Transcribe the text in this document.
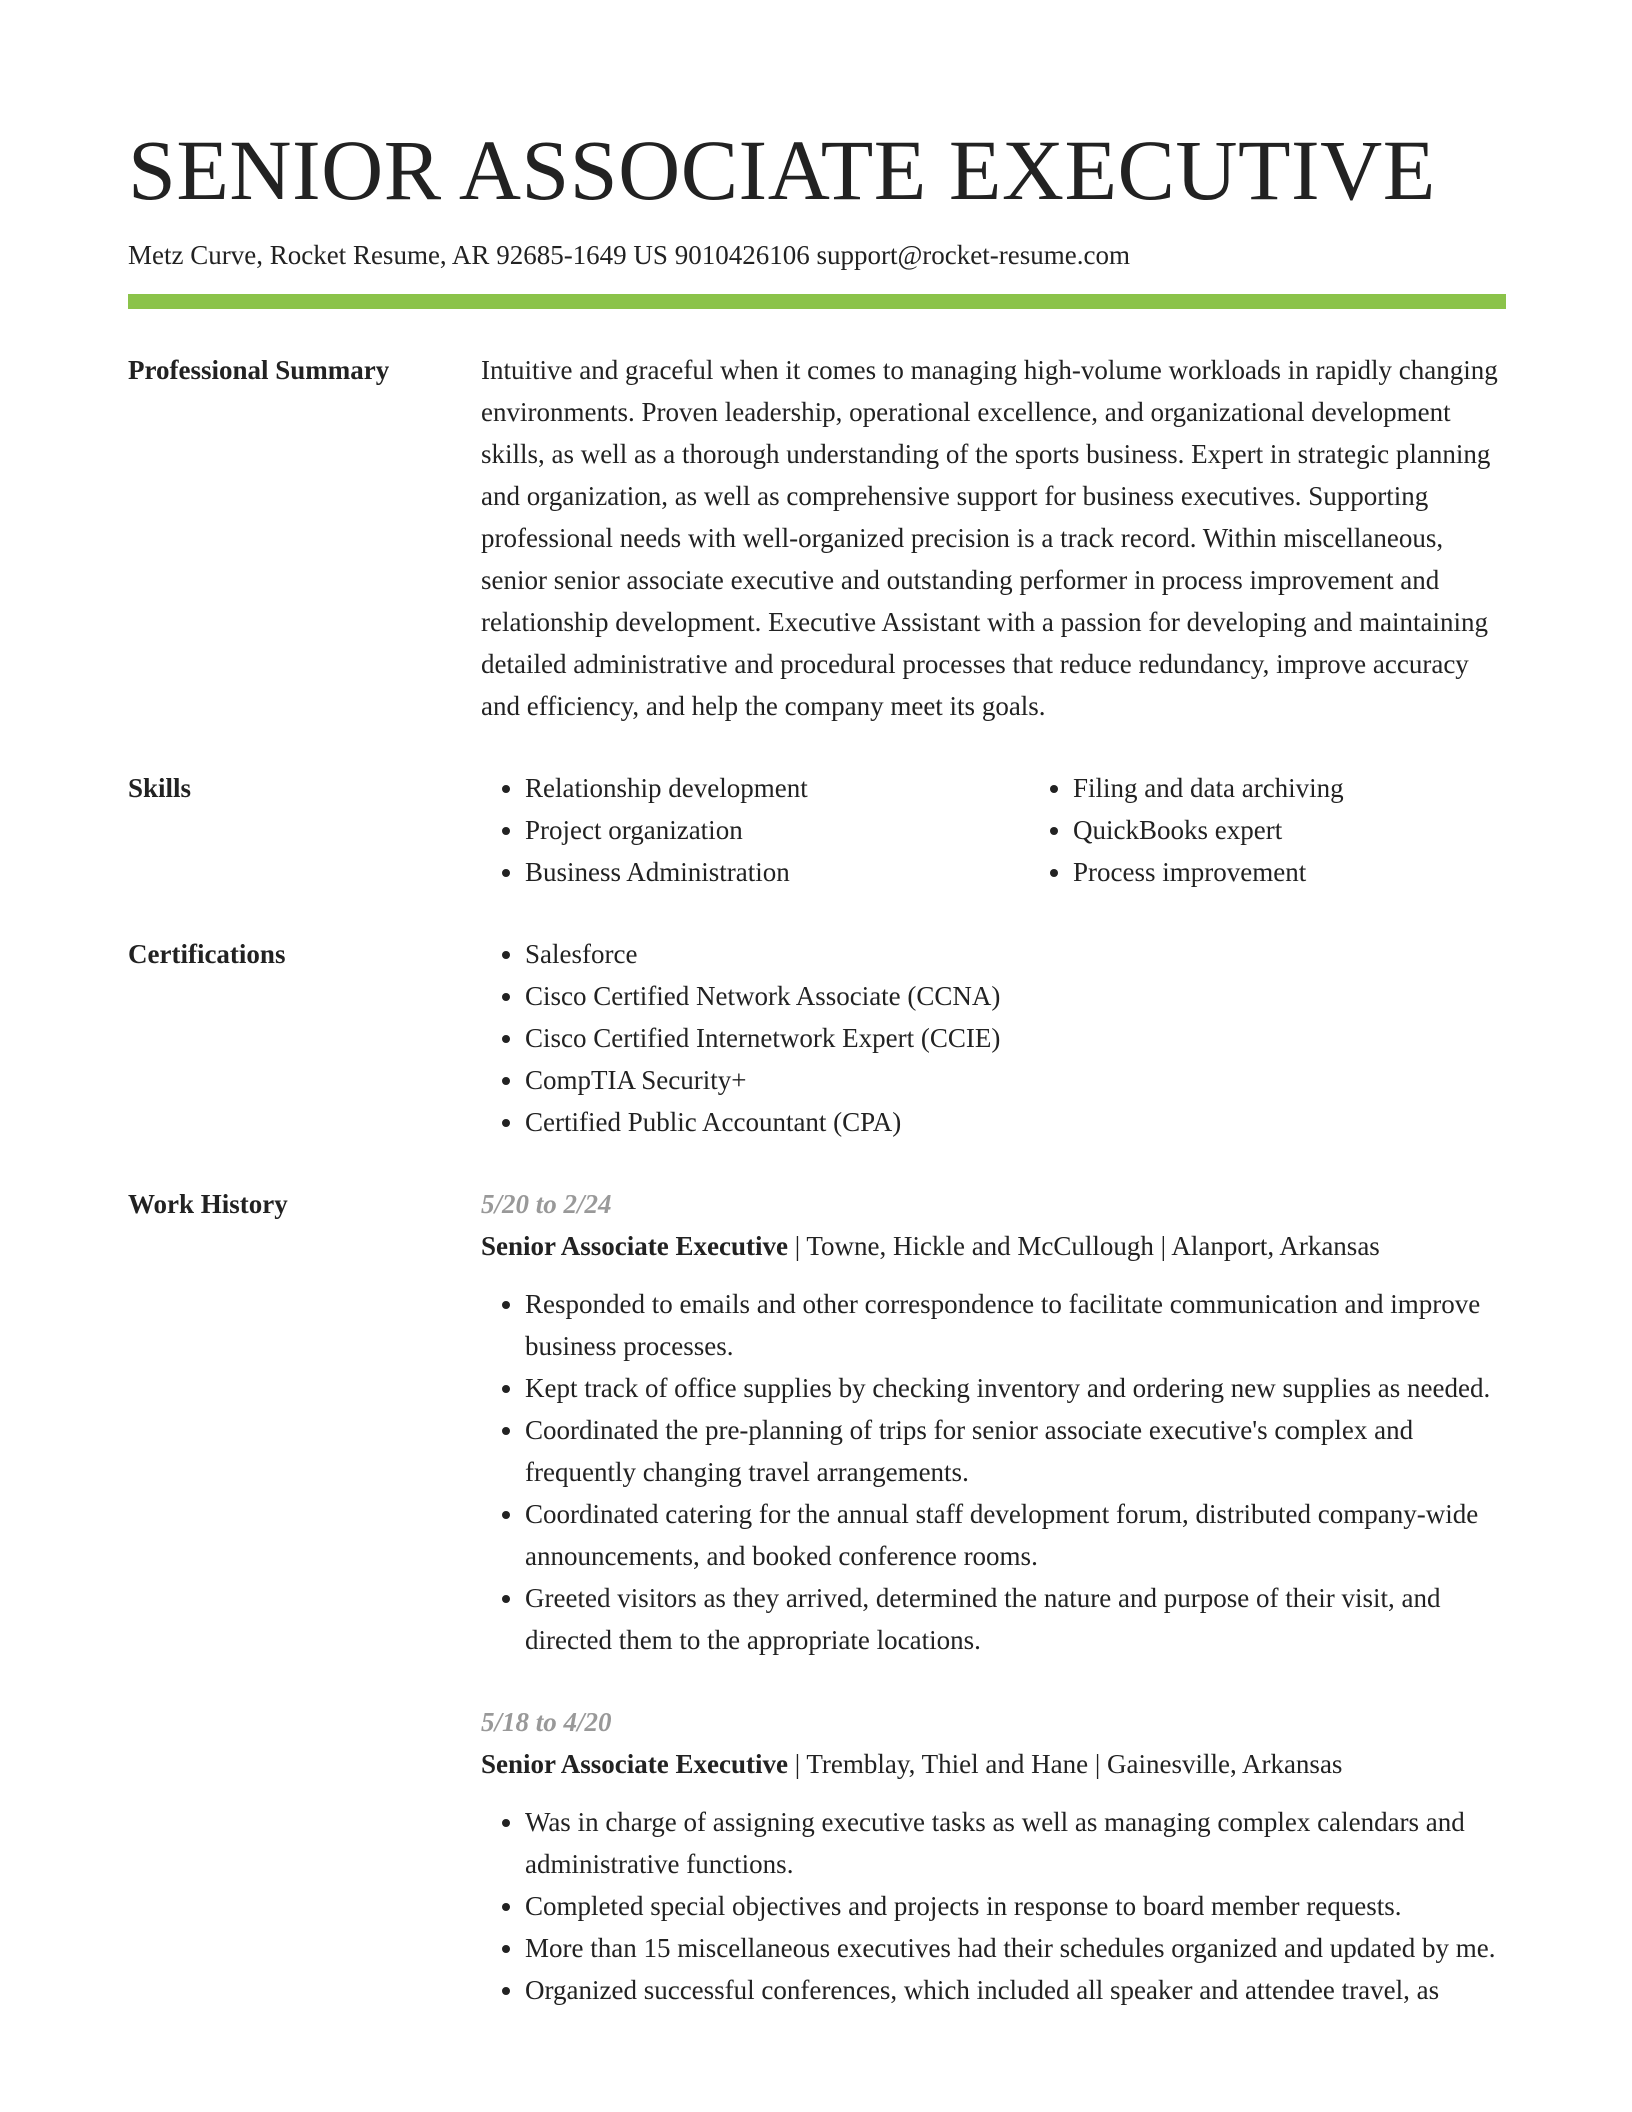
SENIOR ASSOCIATE EXECUTIVE
Metz Curve, Rocket Resume, AR 92685-1649 US 9010426106 support@rocket-resume.com
Professional Summary	Intuitive and graceful when it comes to managing high-volume workloads in rapidly changing environments. Proven leadership, operational excellence, and organizational development skills, as well as a thorough understanding of the sports business. Expert in strategic planning and organization, as well as comprehensive support for business executives. Supporting professional needs with well-organized precision is a track record. Within miscellaneous, senior senior associate executive and outstanding performer in process improvement and relationship development. Executive Assistant with a passion for developing and maintaining detailed administrative and procedural processes that reduce redundancy, improve accuracy and efficiency, and help the company meet its goals.

Skills	• Relationship development
• Project organization
• Business Administration
• Filing and data archiving
• QuickBooks expert
• Process improvement
Certifications	• Salesforce
• Cisco Certified Network Associate (CCNA)
• Cisco Certified Internetwork Expert (CCIE)
• CompTIA Security+
• Certified Public Accountant (CPA)
Work History	5/20 to 2/24
Senior Associate Executive | Towne, Hickle and McCullough | Alanport, Arkansas
• Responded to emails and other correspondence to facilitate communication and improve business processes.
• Kept track of office supplies by checking inventory and ordering new supplies as needed.
• Coordinated the pre-planning of trips for senior associate executive's complex and frequently changing travel arrangements.
• Coordinated catering for the annual staff development forum, distributed company-wide announcements, and booked conference rooms.
• Greeted visitors as they arrived, determined the nature and purpose of their visit, and directed them to the appropriate locations.
5/18 to 4/20
Senior Associate Executive | Tremblay, Thiel and Hane | Gainesville, Arkansas
• Was in charge of assigning executive tasks as well as managing complex calendars and administrative functions.
• Completed special objectives and projects in response to board member requests.
• More than 15 miscellaneous executives had their schedules organized and updated by me.
• Organized successful conferences, which included all speaker and attendee travel, as
